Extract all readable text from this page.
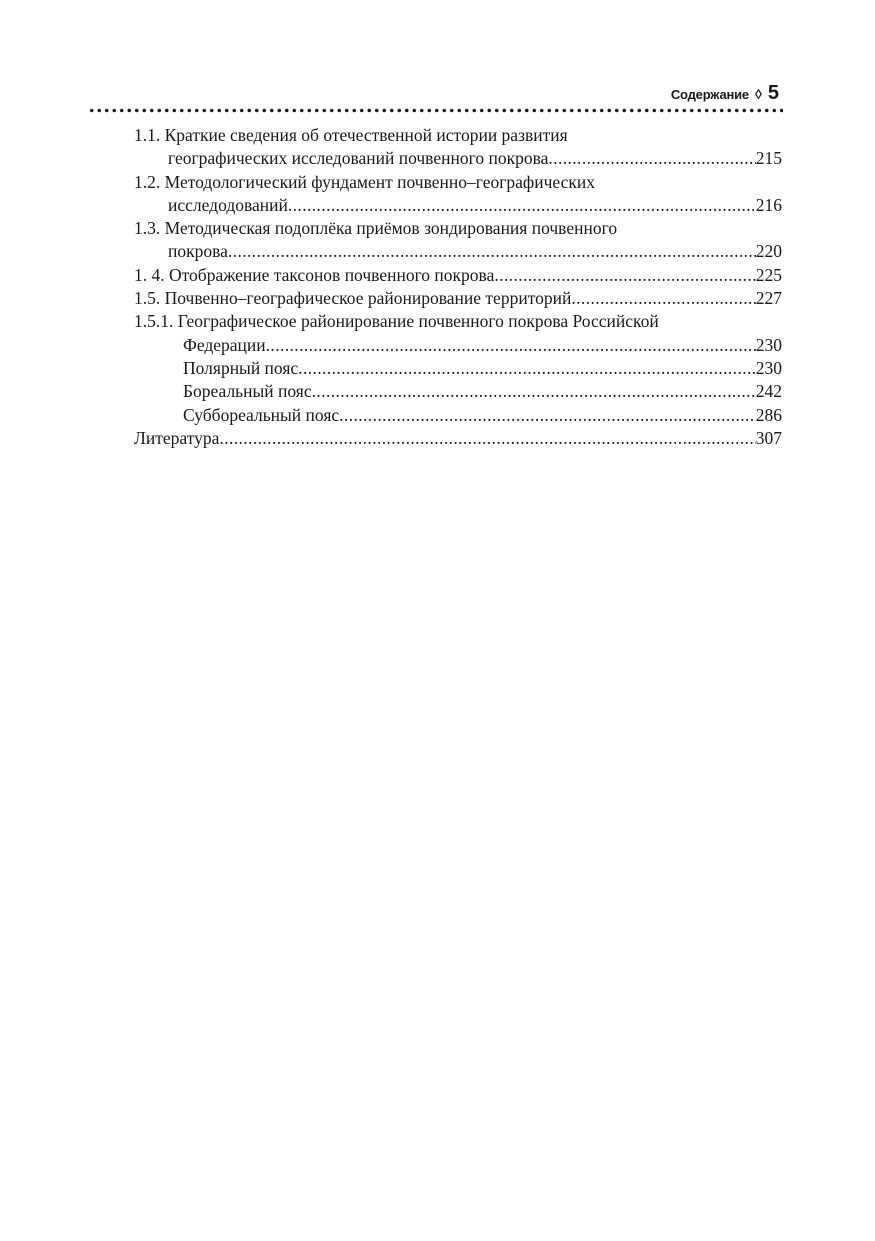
Содержание ◊ 5
1.1. Краткие сведения об отечественной истории развития
географических исследований почвенного покрова .....	215
1.2. Методологический фундамент почвенно–географических
исследодований .....	216
1.3. Методическая подоплёка приёмов зондирования почвенного
покрова .....	220
1. 4. Отображение таксонов почвенного покрова .....	225
1.5. Почвенно–географическое районирование территорий .....	227
1.5.1. Географическое районирование почвенного покрова Российской
Федерации .....	230
Полярный пояс .....	230
Бореальный пояс .....	242
Суббореальный пояс .....	286
Литература .....	307
